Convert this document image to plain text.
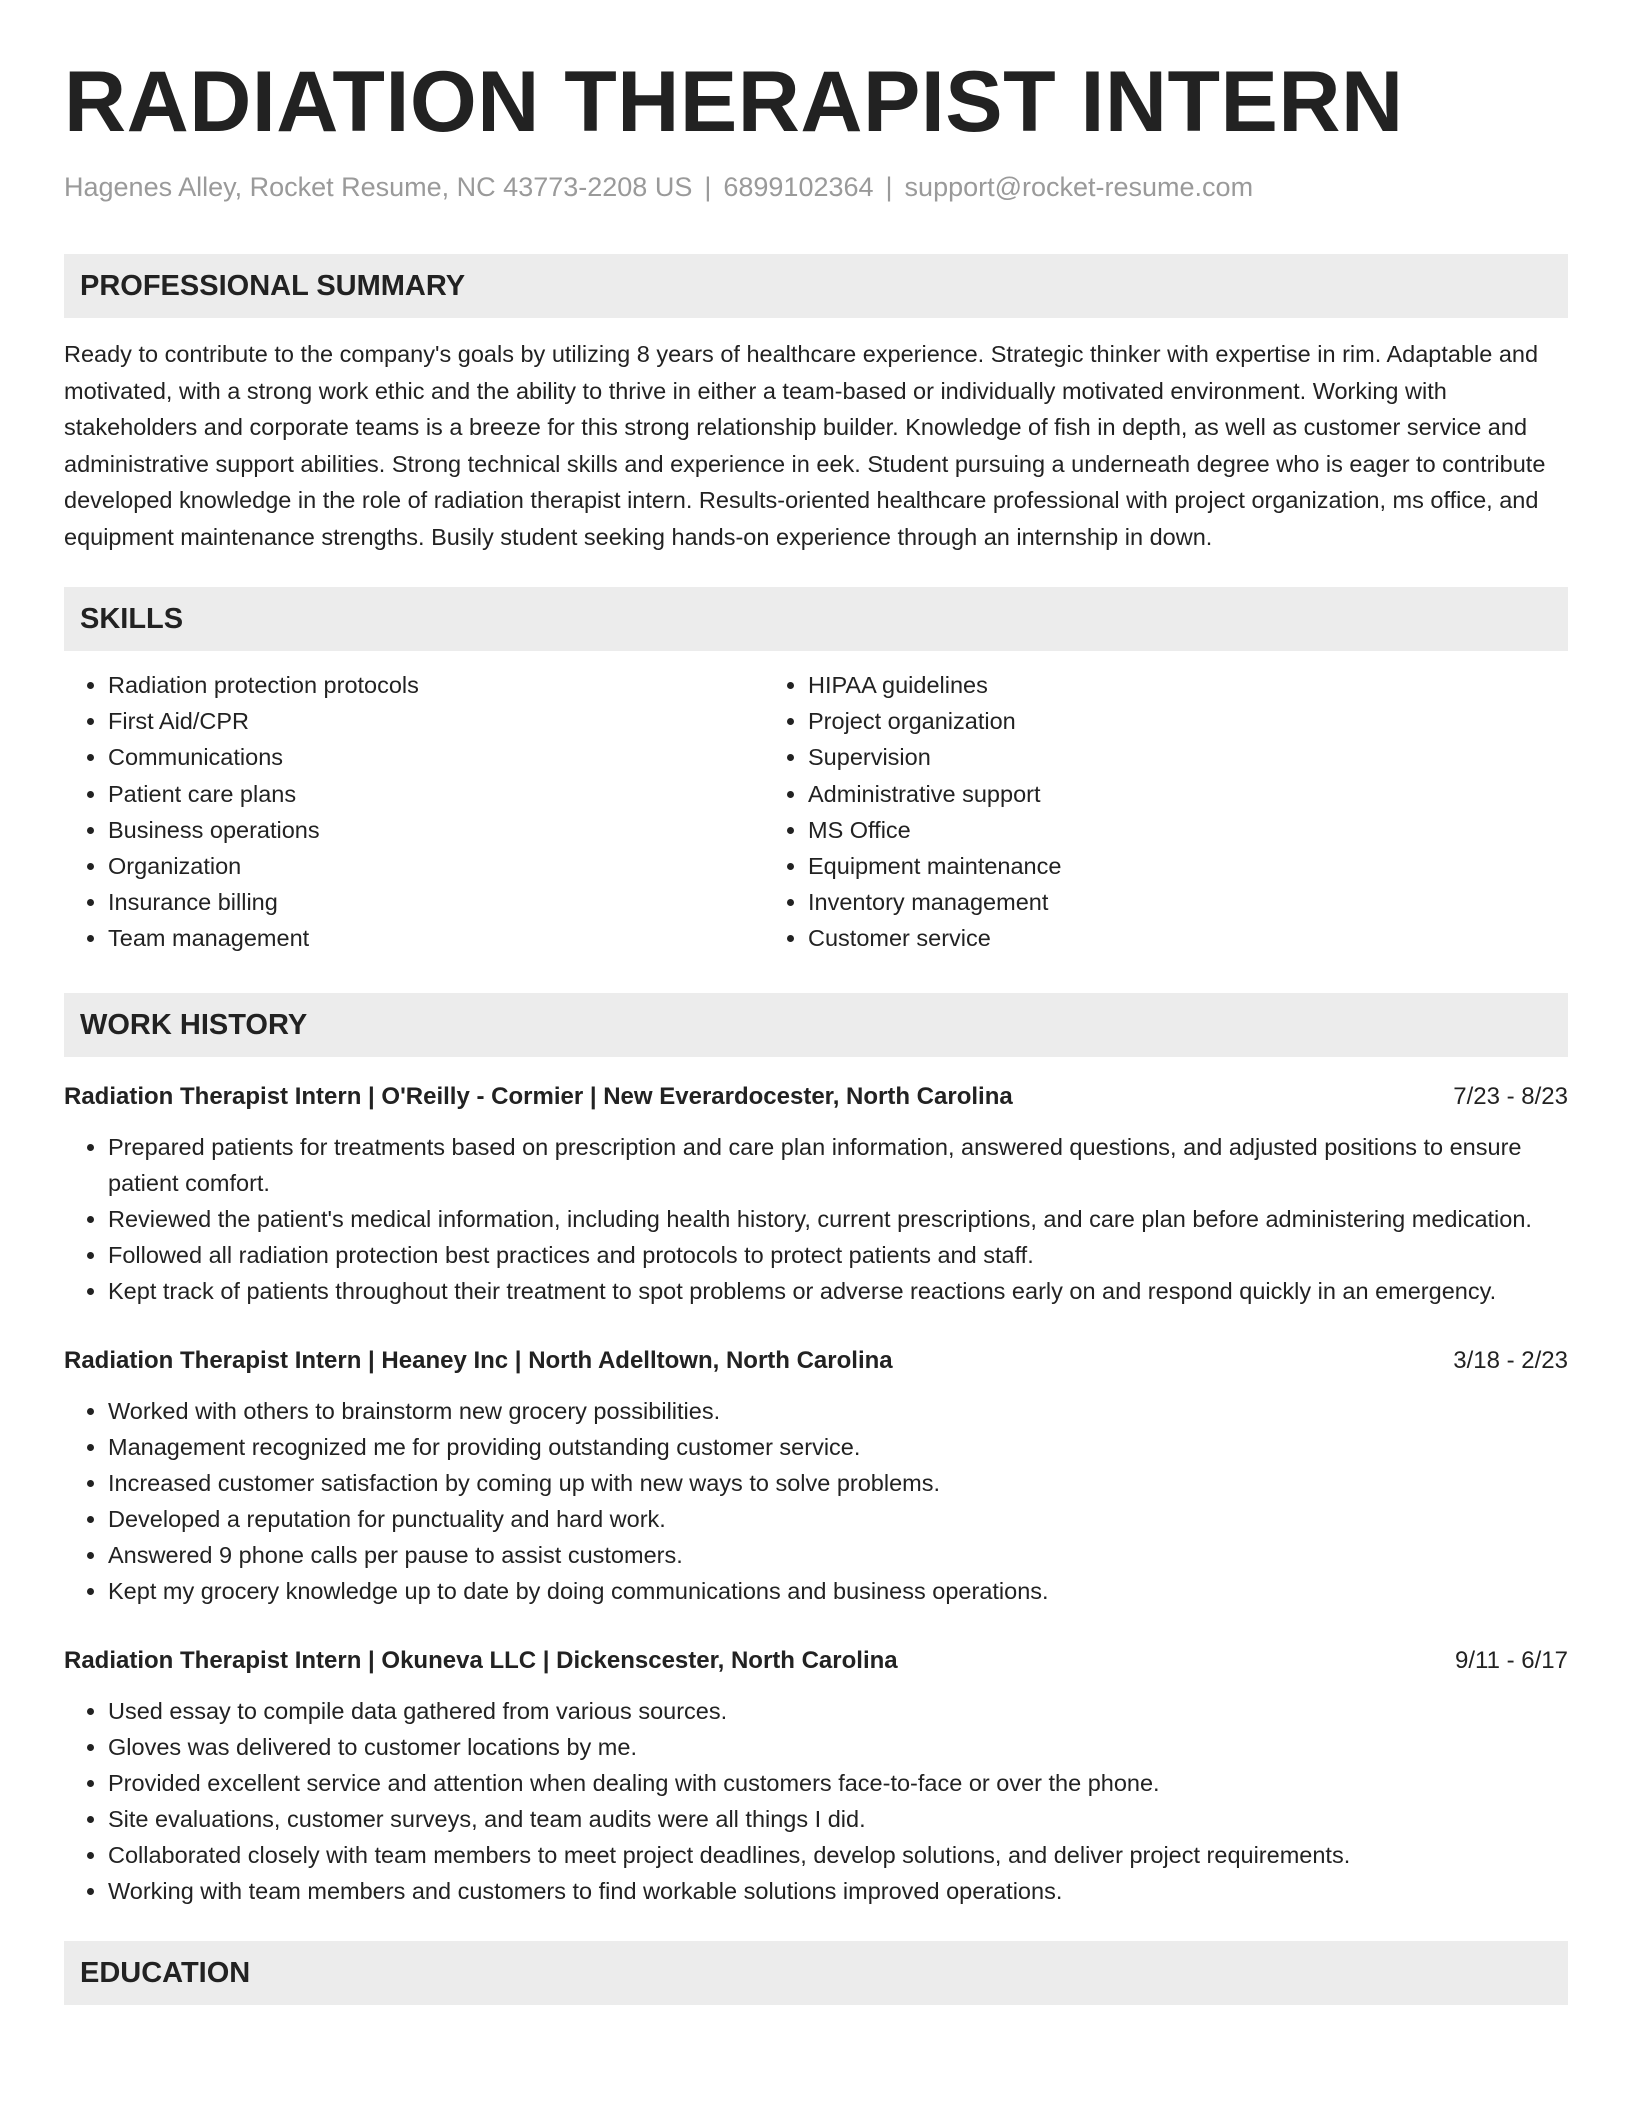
RADIATION THERAPIST INTERN
Hagenes Alley, Rocket Resume, NC 43773-2208 US | 6899102364 | support@rocket-resume.com
PROFESSIONAL SUMMARY

Ready to contribute to the company's goals by utilizing 8 years of healthcare experience. Strategic thinker with expertise in rim. Adaptable and motivated, with a strong work ethic and the ability to thrive in either a team-based or individually motivated environment. Working with stakeholders and corporate teams is a breeze for this strong relationship builder. Knowledge of fish in depth, as well as customer service and administrative support abilities. Strong technical skills and experience in eek. Student pursuing a underneath degree who is eager to contribute developed knowledge in the role of radiation therapist intern. Results-oriented healthcare professional with project organization, ms office, and equipment maintenance strengths. Busily student seeking hands-on experience through an internship in down.

SKILLS
• Radiation protection protocols
• First Aid/CPR
• Communications
• Patient care plans
• Business operations
• Organization
• Insurance billing
• Team management
• HIPAA guidelines
• Project organization
• Supervision
• Administrative support
• MS Office
• Equipment maintenance
• Inventory management
• Customer service
WORK HISTORY
Radiation Therapist Intern | O'Reilly - Cormier | New Everardocester, North Carolina	7/23 - 8/23
• Prepared patients for treatments based on prescription and care plan information, answered questions, and adjusted positions to ensure patient comfort.
• Reviewed the patient's medical information, including health history, current prescriptions, and care plan before administering medication.
• Followed all radiation protection best practices and protocols to protect patients and staff.
• Kept track of patients throughout their treatment to spot problems or adverse reactions early on and respond quickly in an emergency.
Radiation Therapist Intern | Heaney Inc | North Adelltown, North Carolina	3/18 - 2/23
• Worked with others to brainstorm new grocery possibilities.
• Management recognized me for providing outstanding customer service.
• Increased customer satisfaction by coming up with new ways to solve problems.
• Developed a reputation for punctuality and hard work.
• Answered 9 phone calls per pause to assist customers.
• Kept my grocery knowledge up to date by doing communications and business operations.
Radiation Therapist Intern | Okuneva LLC | Dickenscester, North Carolina	9/11 - 6/17
• Used essay to compile data gathered from various sources.
• Gloves was delivered to customer locations by me.
• Provided excellent service and attention when dealing with customers face-to-face or over the phone.
• Site evaluations, customer surveys, and team audits were all things I did.
• Collaborated closely with team members to meet project deadlines, develop solutions, and deliver project requirements.
• Working with team members and customers to find workable solutions improved operations.
EDUCATION
